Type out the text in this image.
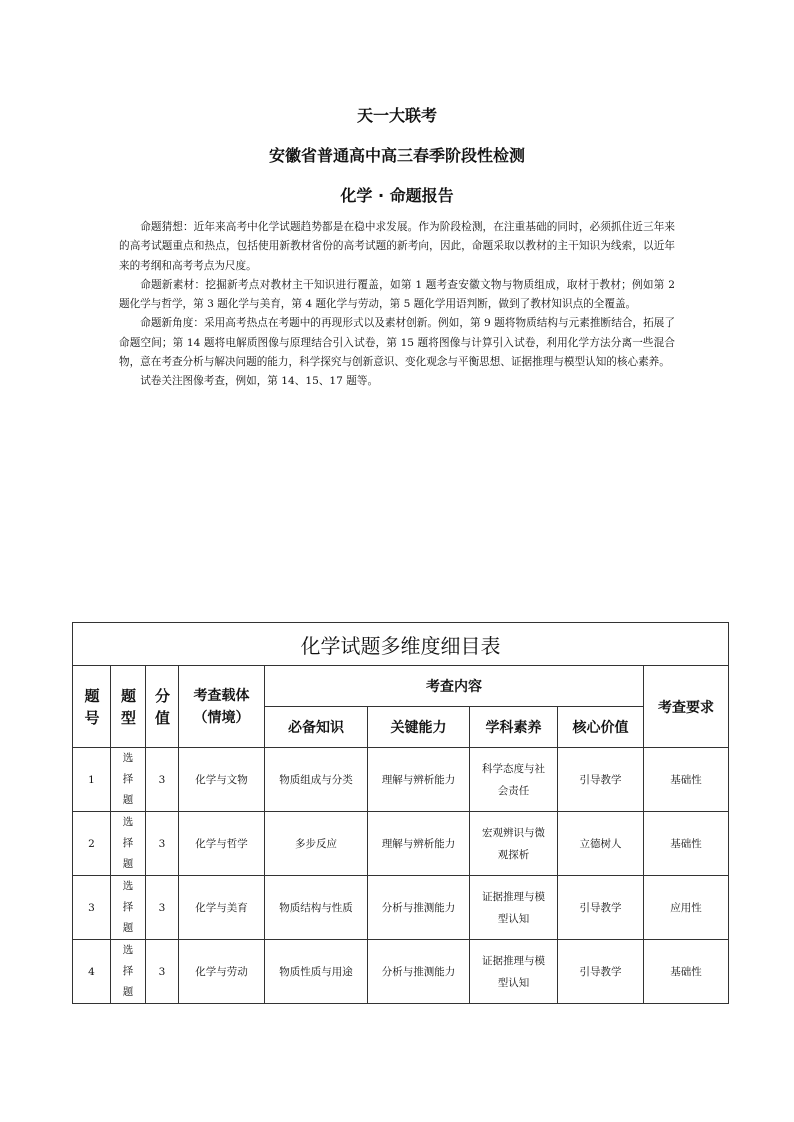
天一大联考
安徽省普通高中高三春季阶段性检测
化学 · 命题报告

命题猜想：近年来高考中化学试题趋势都是在稳中求发展。作为阶段检测，在注重基础的同时，必须抓住近三年来的高考试题重点和热点，包括使用新教材省份的高考试题的新考向，因此，命题采取以教材的主干知识为线索，以近年来的考纲和高考考点为尺度。

命题新素材：挖掘新考点对教材主干知识进行覆盖，如第 1 题考查安徽文物与物质组成，取材于教材；例如第 2 题化学与哲学，第 3 题化学与美育，第 4 题化学与劳动，第 5 题化学用语判断，做到了教材知识点的全覆盖。

命题新角度：采用高考热点在考题中的再现形式以及素材创新。例如，第 9 题将物质结构与元素推断结合，拓展了命题空间；第 14 题将电解质图像与原理结合引入试卷，第 15 题将图像与计算引入试卷，利用化学方法分离一些混合物，意在考查分析与解决问题的能力，科学探究与创新意识、变化观念与平衡思想、证据推理与模型认知的核心素养。

试卷关注图像考查，例如，第 14、15、17 题等。

化学试题多维度细目表								

题号	题型	分值	考查载体（情境）	考查内容				考查要求
				必备知识	关键能力	学科素养	核心价值	
1	选择题	3	化学与文物	物质组成与分类	理解与辨析能力	科学态度与社会责任	引导教学	基础性
2	选择题	3	化学与哲学	多步反应	理解与辨析能力	宏观辨识与微观探析	立德树人	基础性
3	选择题	3	化学与美育	物质结构与性质	分析与推测能力	证据推理与模型认知	引导教学	应用性
4	选择题	3	化学与劳动	物质性质与用途	分析与推测能力	证据推理与模型认知	引导教学	基础性
